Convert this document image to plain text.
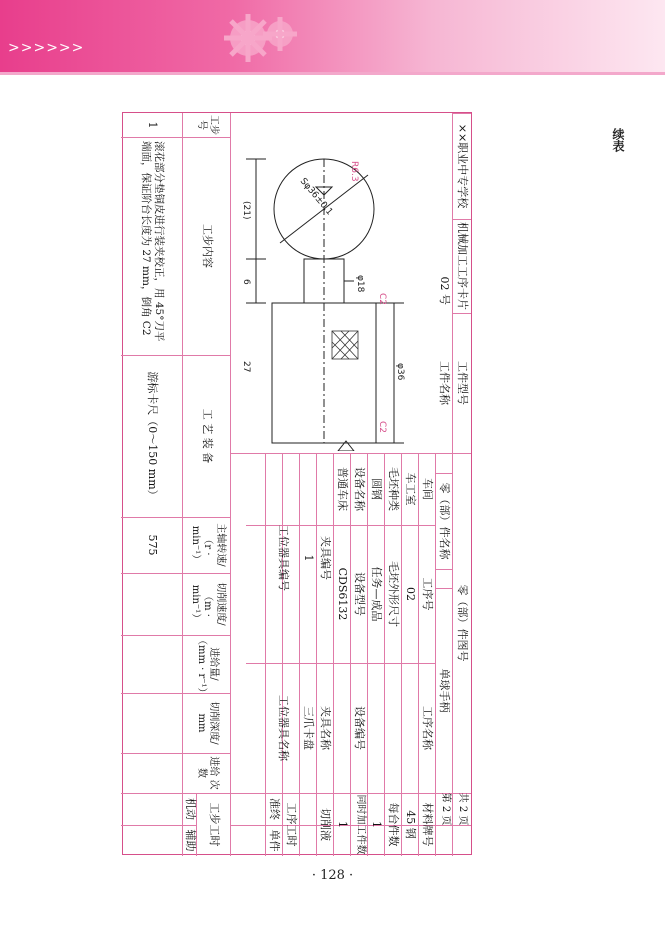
>>>>>>
续表
××职业中专学校
机械加工工序卡片
工件型号
零（部）件图号
共 2 页
工件名称
02 号
零（部）件名称
单球手柄
第 2 页
车间
工序号
工序名称
材料牌号
车工室
02
45 钢
毛坯种类
毛坯外形尺寸
每台件数
圆钢
任务—成品
1
设备名称
设备型号
设备编号
同时加工件数
普通车床
CDS6132
1
夹具编号
夹具名称
切削液
1
三爪卡盘
工位器具编号
工位器具名称
工序工时
准终
单件
工步号
工步内容
工 艺 装 备
主轴转速/ （r · min⁻¹）
切削速度/ （m · min⁻¹）
进给量/ （mm · r⁻¹）
切削深度/ mm
进给 次数
工步工时
机动
辅助
1
滚花部分垫铜皮进行装夹校正，用 45°刀平端面，保证阶台长度为 27 mm，倒角 C2
游标卡尺（0～150 mm）
575
Sφ36±0.1
R6.3
φ18
φ36
27
6
(21)
C2
C2
· 128 ·
